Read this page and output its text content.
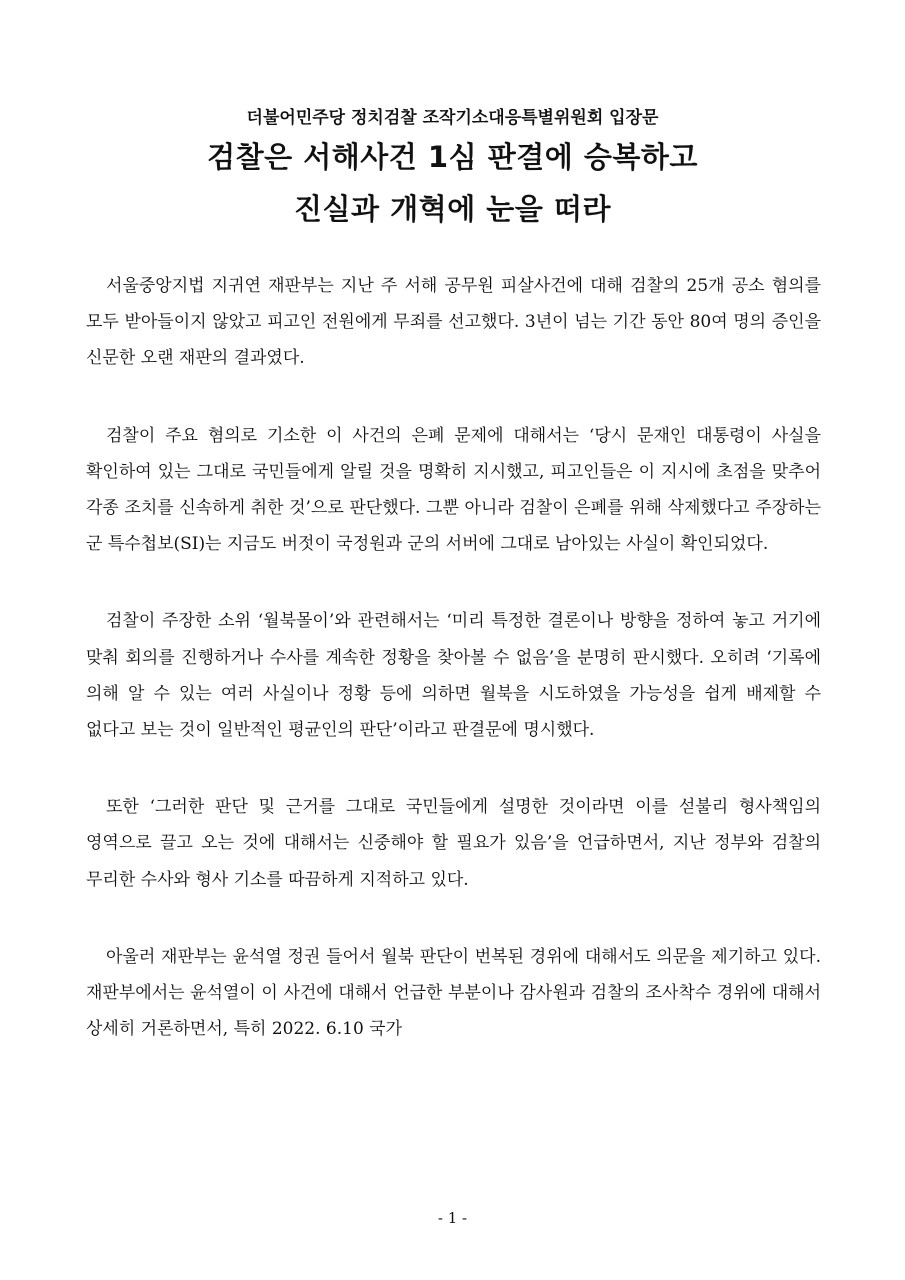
더불어민주당 정치검찰 조작기소대응특별위원회 입장문
검찰은 서해사건 1심 판결에 승복하고
진실과 개혁에 눈을 떠라

서울중앙지법 지귀연 재판부는 지난 주 서해 공무원 피살사건에 대해 검찰의 25개 공소 혐의를 모두 받아들이지 않았고 피고인 전원에게 무죄를 선고했다. 3년이 넘는 기간 동안 80여 명의 증인을 신문한 오랜 재판의 결과였다.

검찰이 주요 혐의로 기소한 이 사건의 은폐 문제에 대해서는 ‘당시 문재인 대통령이 사실을 확인하여 있는 그대로 국민들에게 알릴 것을 명확히 지시했고, 피고인들은 이 지시에 초점을 맞추어 각종 조치를 신속하게 취한 것’으로 판단했다. 그뿐 아니라 검찰이 은폐를 위해 삭제했다고 주장하는 군 특수첩보(SI)는 지금도 버젓이 국정원과 군의 서버에 그대로 남아있는 사실이 확인되었다.

검찰이 주장한 소위 ‘월북몰이’와 관련해서는 ‘미리 특정한 결론이나 방향을 정하여 놓고 거기에 맞춰 회의를 진행하거나 수사를 계속한 정황을 찾아볼 수 없음’을 분명히 판시했다. 오히려 ‘기록에 의해 알 수 있는 여러 사실이나 정황 등에 의하면 월북을 시도하였을 가능성을 쉽게 배제할 수 없다고 보는 것이 일반적인 평균인의 판단’이라고 판결문에 명시했다.

또한 ‘그러한 판단 및 근거를 그대로 국민들에게 설명한 것이라면 이를 섣불리 형사책임의 영역으로 끌고 오는 것에 대해서는 신중해야 할 필요가 있음’을 언급하면서, 지난 정부와 검찰의 무리한 수사와 형사 기소를 따끔하게 지적하고 있다.

아울러 재판부는 윤석열 정권 들어서 월북 판단이 번복된 경위에 대해서도 의문을 제기하고 있다. 재판부에서는 윤석열이 이 사건에 대해서 언급한 부분이나 감사원과 검찰의 조사착수 경위에 대해서 상세히 거론하면서, 특히 2022. 6.10 국가

- 1 -
